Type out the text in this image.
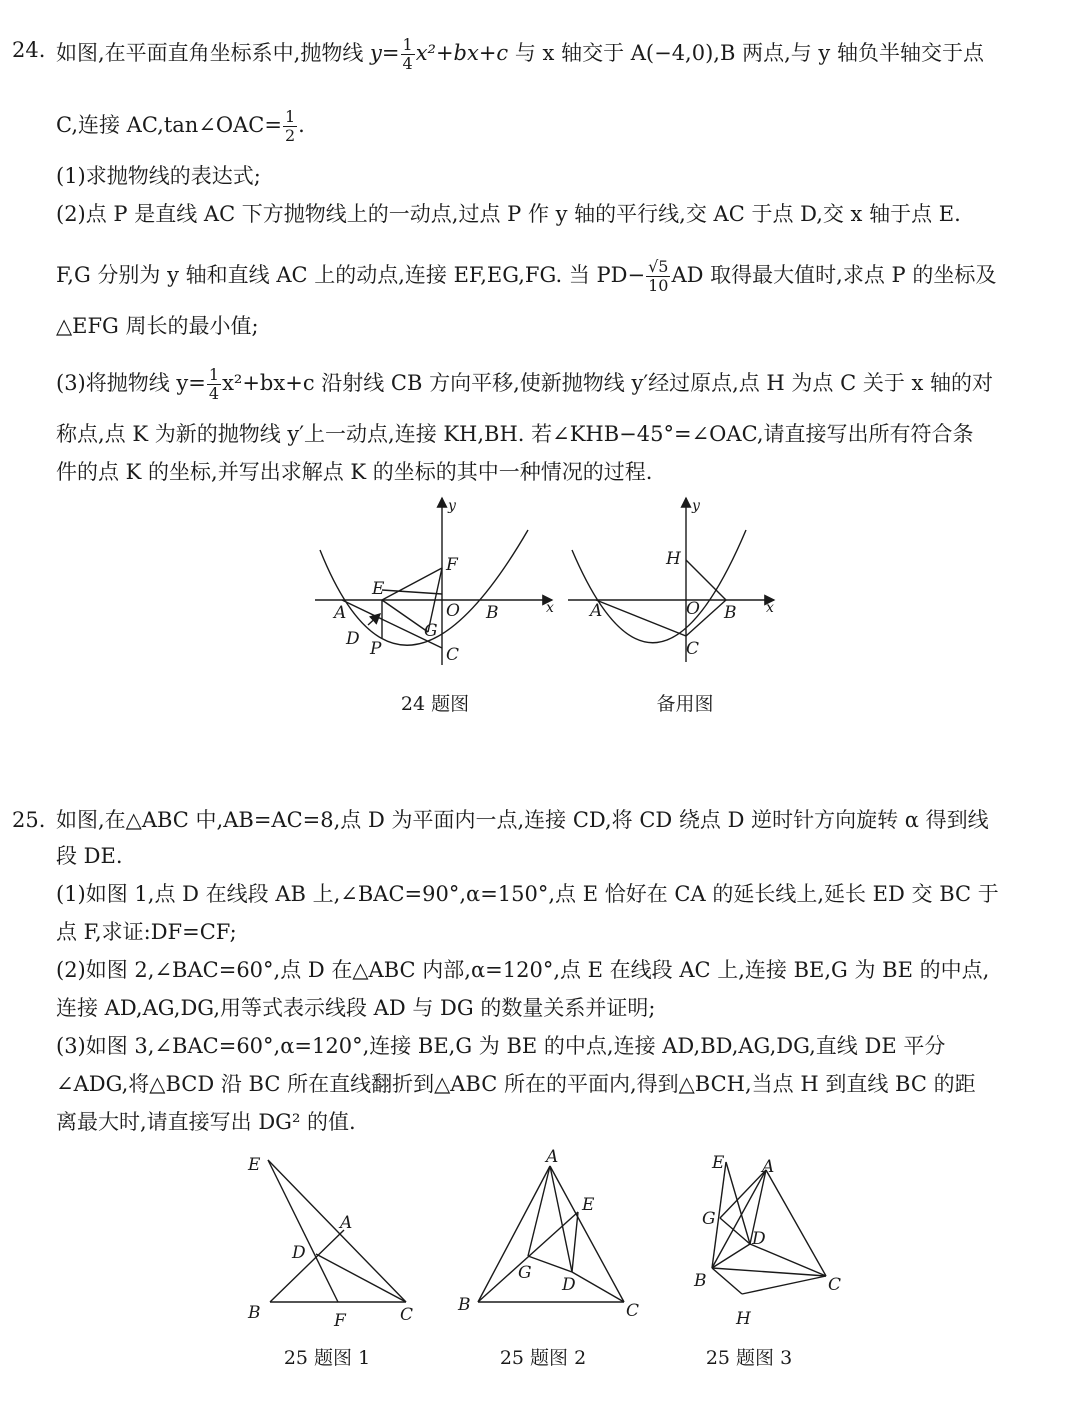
24. 如图,在平面直角坐标系中,抛物线 $y= \frac{1}{4} x^2+bx+c$ 与 x 轴交于 A(−4,0),B 两点,与 y 轴负半轴交于点
C,连接 AC,tan∠OAC= $\frac{1}{2}$ .
(1)求抛物线的表达式;
(2)点 P 是直线 AC 下方抛物线上的一动点,过点 P 作 y 轴的平行线,交 AC 于点 D,交 x 轴于点 E.
F,G 分别为 y 轴和直线 AC 上的动点,连接 EF,EG,FG. 当 $PD- \frac{√5}{10}$ AD 取得最大值时,求点 P 的坐标及
△EFG 周长的最小值;
(3)将抛物线 $y= \frac{1}{4} x^2+bx+c$ 沿射线 CB 方向平移,使新抛物线 y′经过原点,点 H 为点 C 关于 x 轴的对
称点,点 K 为新的抛物线 y′上一动点,连接 KH,BH. 若∠KHB−45°=∠OAC,请直接写出所有符合条
件的点 K 的坐标,并写出求解点 K 的坐标的其中一种情况的过程.
y
x
F
E
A	O B
G
D P	C
24 题图
y
x
H
A	O B
C
备用图
25. 如图,在△ABC 中,AB=AC=8,点 D 为平面内一点,连接 CD,将 CD 绕点 D 逆时针方向旋转 α 得到线
段 DE.
(1)如图 1,点 D 在线段 AB 上,∠BAC=90°,α=150°,点 E 恰好在 CA 的延长线上,延长 ED 交 BC 于
点 F,求证:DF=CF;
(2)如图 2,∠BAC=60°,点 D 在△ABC 内部,α=120°,点 E 在线段 AC 上,连接 BE,G 为 BE 的中点,
连接 AD,AG,DG,用等式表示线段 AD 与 DG 的数量关系并证明;
(3)如图 3,∠BAC=60°,α=120°,连接 BE,G 为 BE 的中点,连接 AD,BD,AG,DG,直线 DE 平分
∠ADG,将△BCD 沿 BC 所在直线翻折到△ABC 所在的平面内,得到△BCH,当点 H 到直线 BC 的距
离最大时,请直接写出 DG² 的值.
E
A
D
B	F	C
25 题图 1
A
E
G
D
B	C
25 题图 2
E A
G
D
B	C
H
25 题图 3
